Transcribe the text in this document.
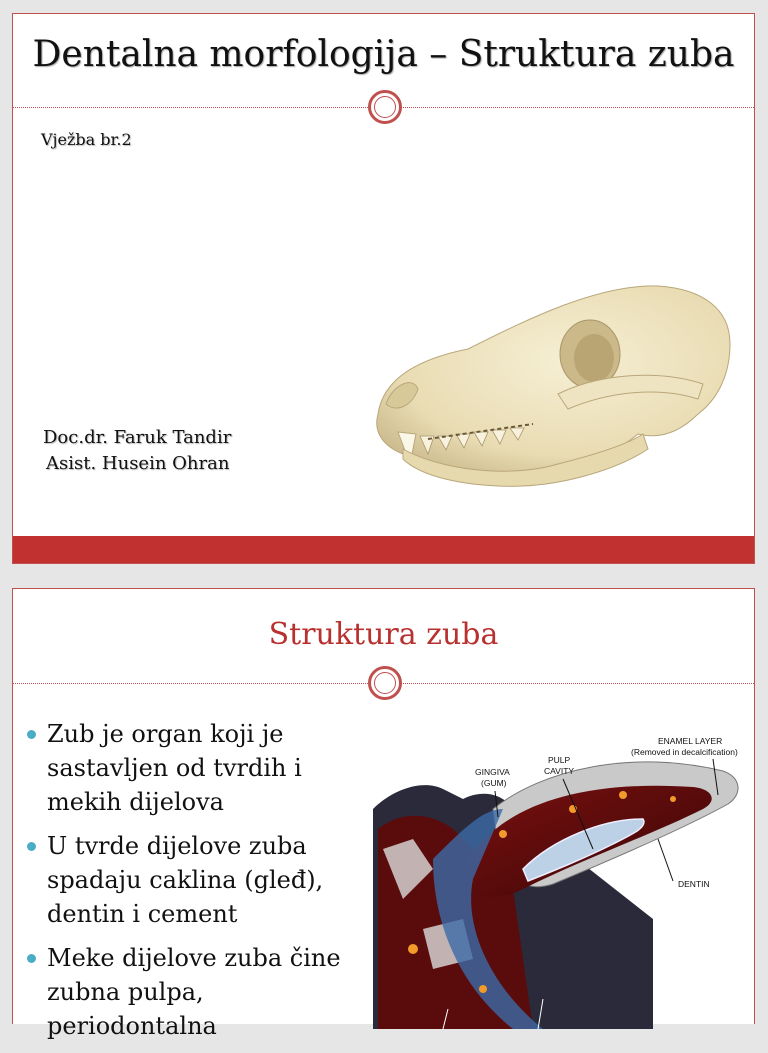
Dentalna morfologija – Struktura zuba
Vježba br.2
Doc.dr. Faruk Tandir
Asist. Husein Ohran
Struktura zuba
Zub je organ koji je sastavljen od tvrdih i mekih dijelova
U tvrde dijelove zuba spadaju caklina (gleđ), dentin i cement
Meke dijelove zuba čine zubna pulpa, periodontalna
ENAMEL LAYER
(Removed in decalcification)
GINGIVA
(GUM)
PULP
CAVITY
DENTIN
